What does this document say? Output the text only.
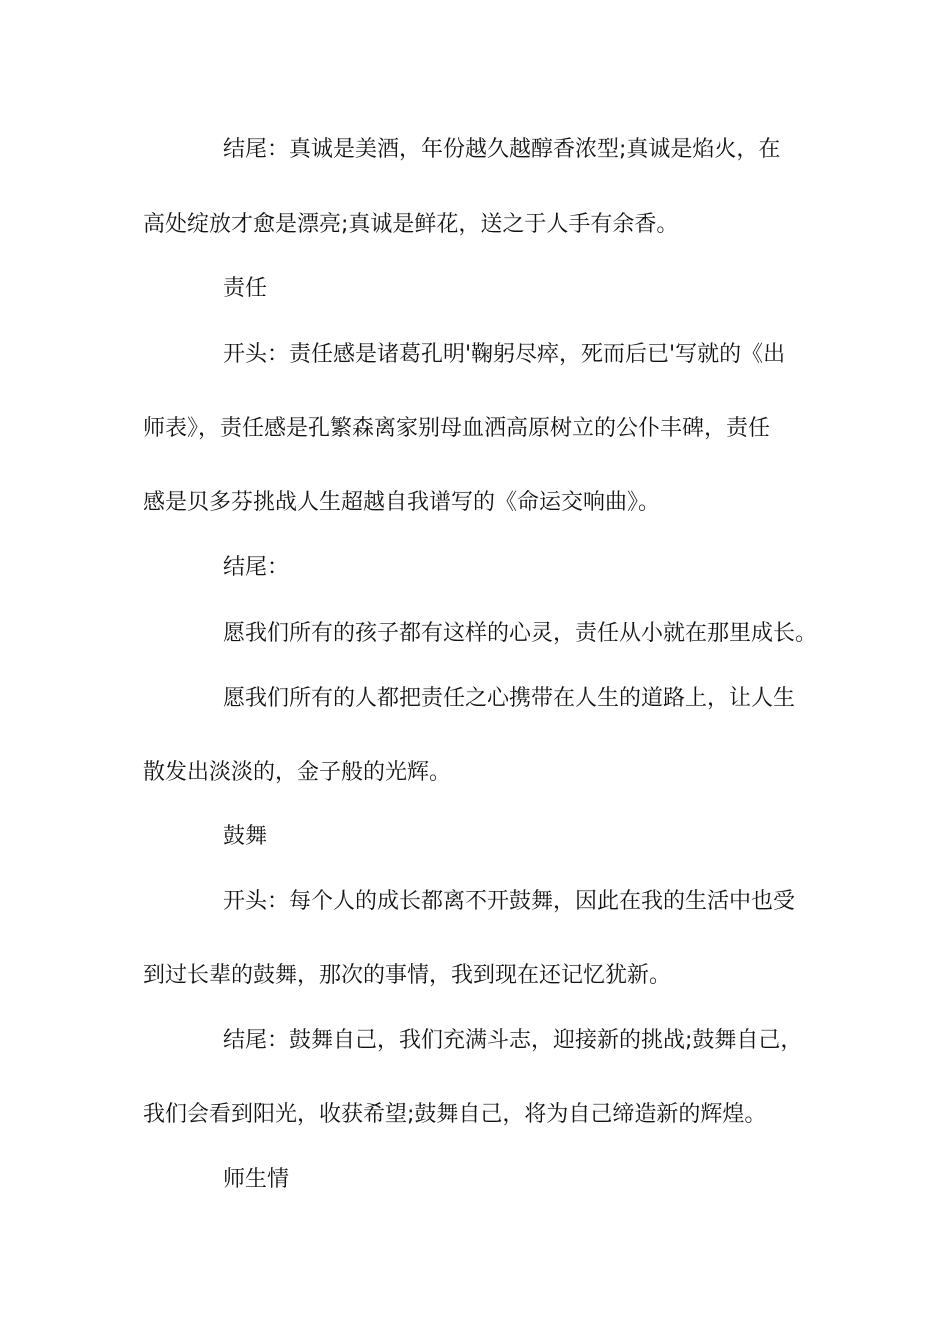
结尾：真诚是美酒，年份越久越醇香浓型;真诚是焰火，在
高处绽放才愈是漂亮;真诚是鲜花，送之于人手有余香。
责任
开头：责任感是诸葛孔明'鞠躬尽瘁，死而后已'写就的《出
师表》，责任感是孔繁森离家别母血洒高原树立的公仆丰碑，责任
感是贝多芬挑战人生超越自我谱写的《命运交响曲》。
结尾：
愿我们所有的孩子都有这样的心灵，责任从小就在那里成长。
愿我们所有的人都把责任之心携带在人生的道路上，让人生
散发出淡淡的，金子般的光辉。
鼓舞
开头：每个人的成长都离不开鼓舞，因此在我的生活中也受
到过长辈的鼓舞，那次的事情，我到现在还记忆犹新。
结尾：鼓舞自己，我们充满斗志，迎接新的挑战;鼓舞自己，
我们会看到阳光，收获希望;鼓舞自己，将为自己缔造新的辉煌。
师生情
